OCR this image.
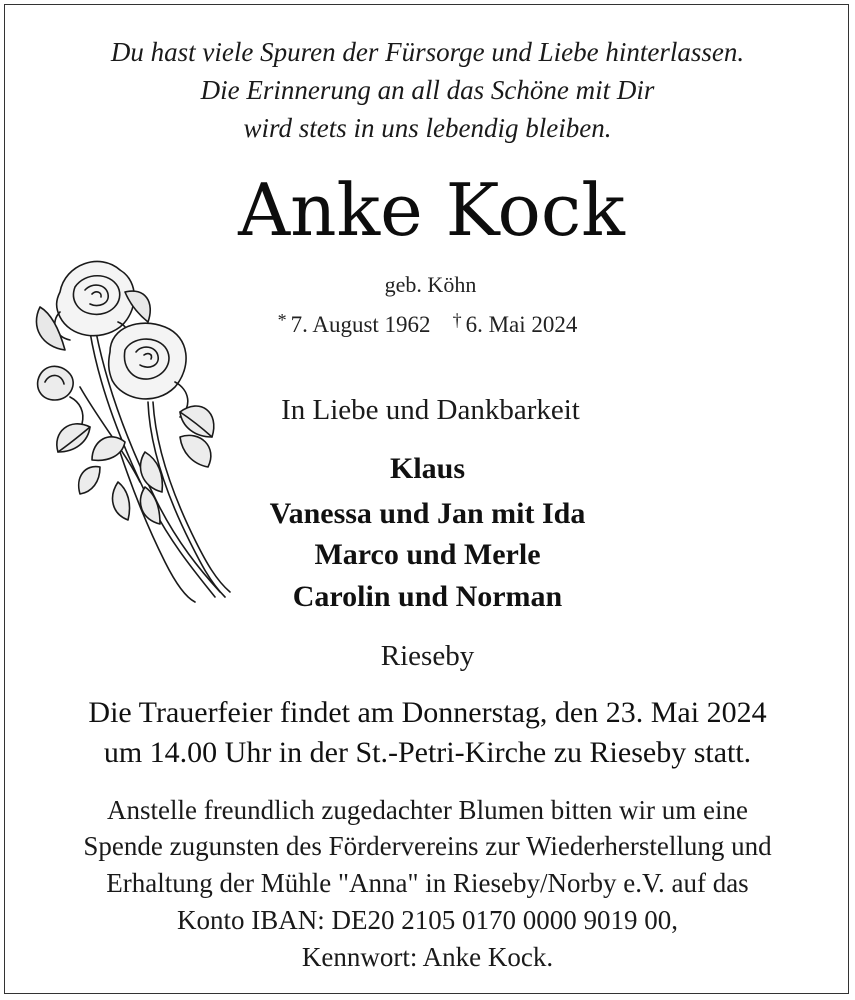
Du hast viele Spuren der Fürsorge und Liebe hinterlassen.
Die Erinnerung an all das Schöne mit Dir
wird stets in uns lebendig bleiben.
Anke Kock
geb. Köhn
* 7. August 1962 † 6. Mai 2024
In Liebe und Dankbarkeit
Klaus
Vanessa und Jan mit Ida
Marco und Merle
Carolin und Norman
Rieseby
Die Trauerfeier findet am Donnerstag, den 23. Mai 2024
um 14.00 Uhr in der St.-Petri-Kirche zu Rieseby statt.
Anstelle freundlich zugedachter Blumen bitten wir um eine
Spende zugunsten des Fördervereins zur Wiederherstellung und
Erhaltung der Mühle "Anna" in Rieseby/Norby e.V. auf das
Konto IBAN: DE20 2105 0170 0000 9019 00,
Kennwort: Anke Kock.
